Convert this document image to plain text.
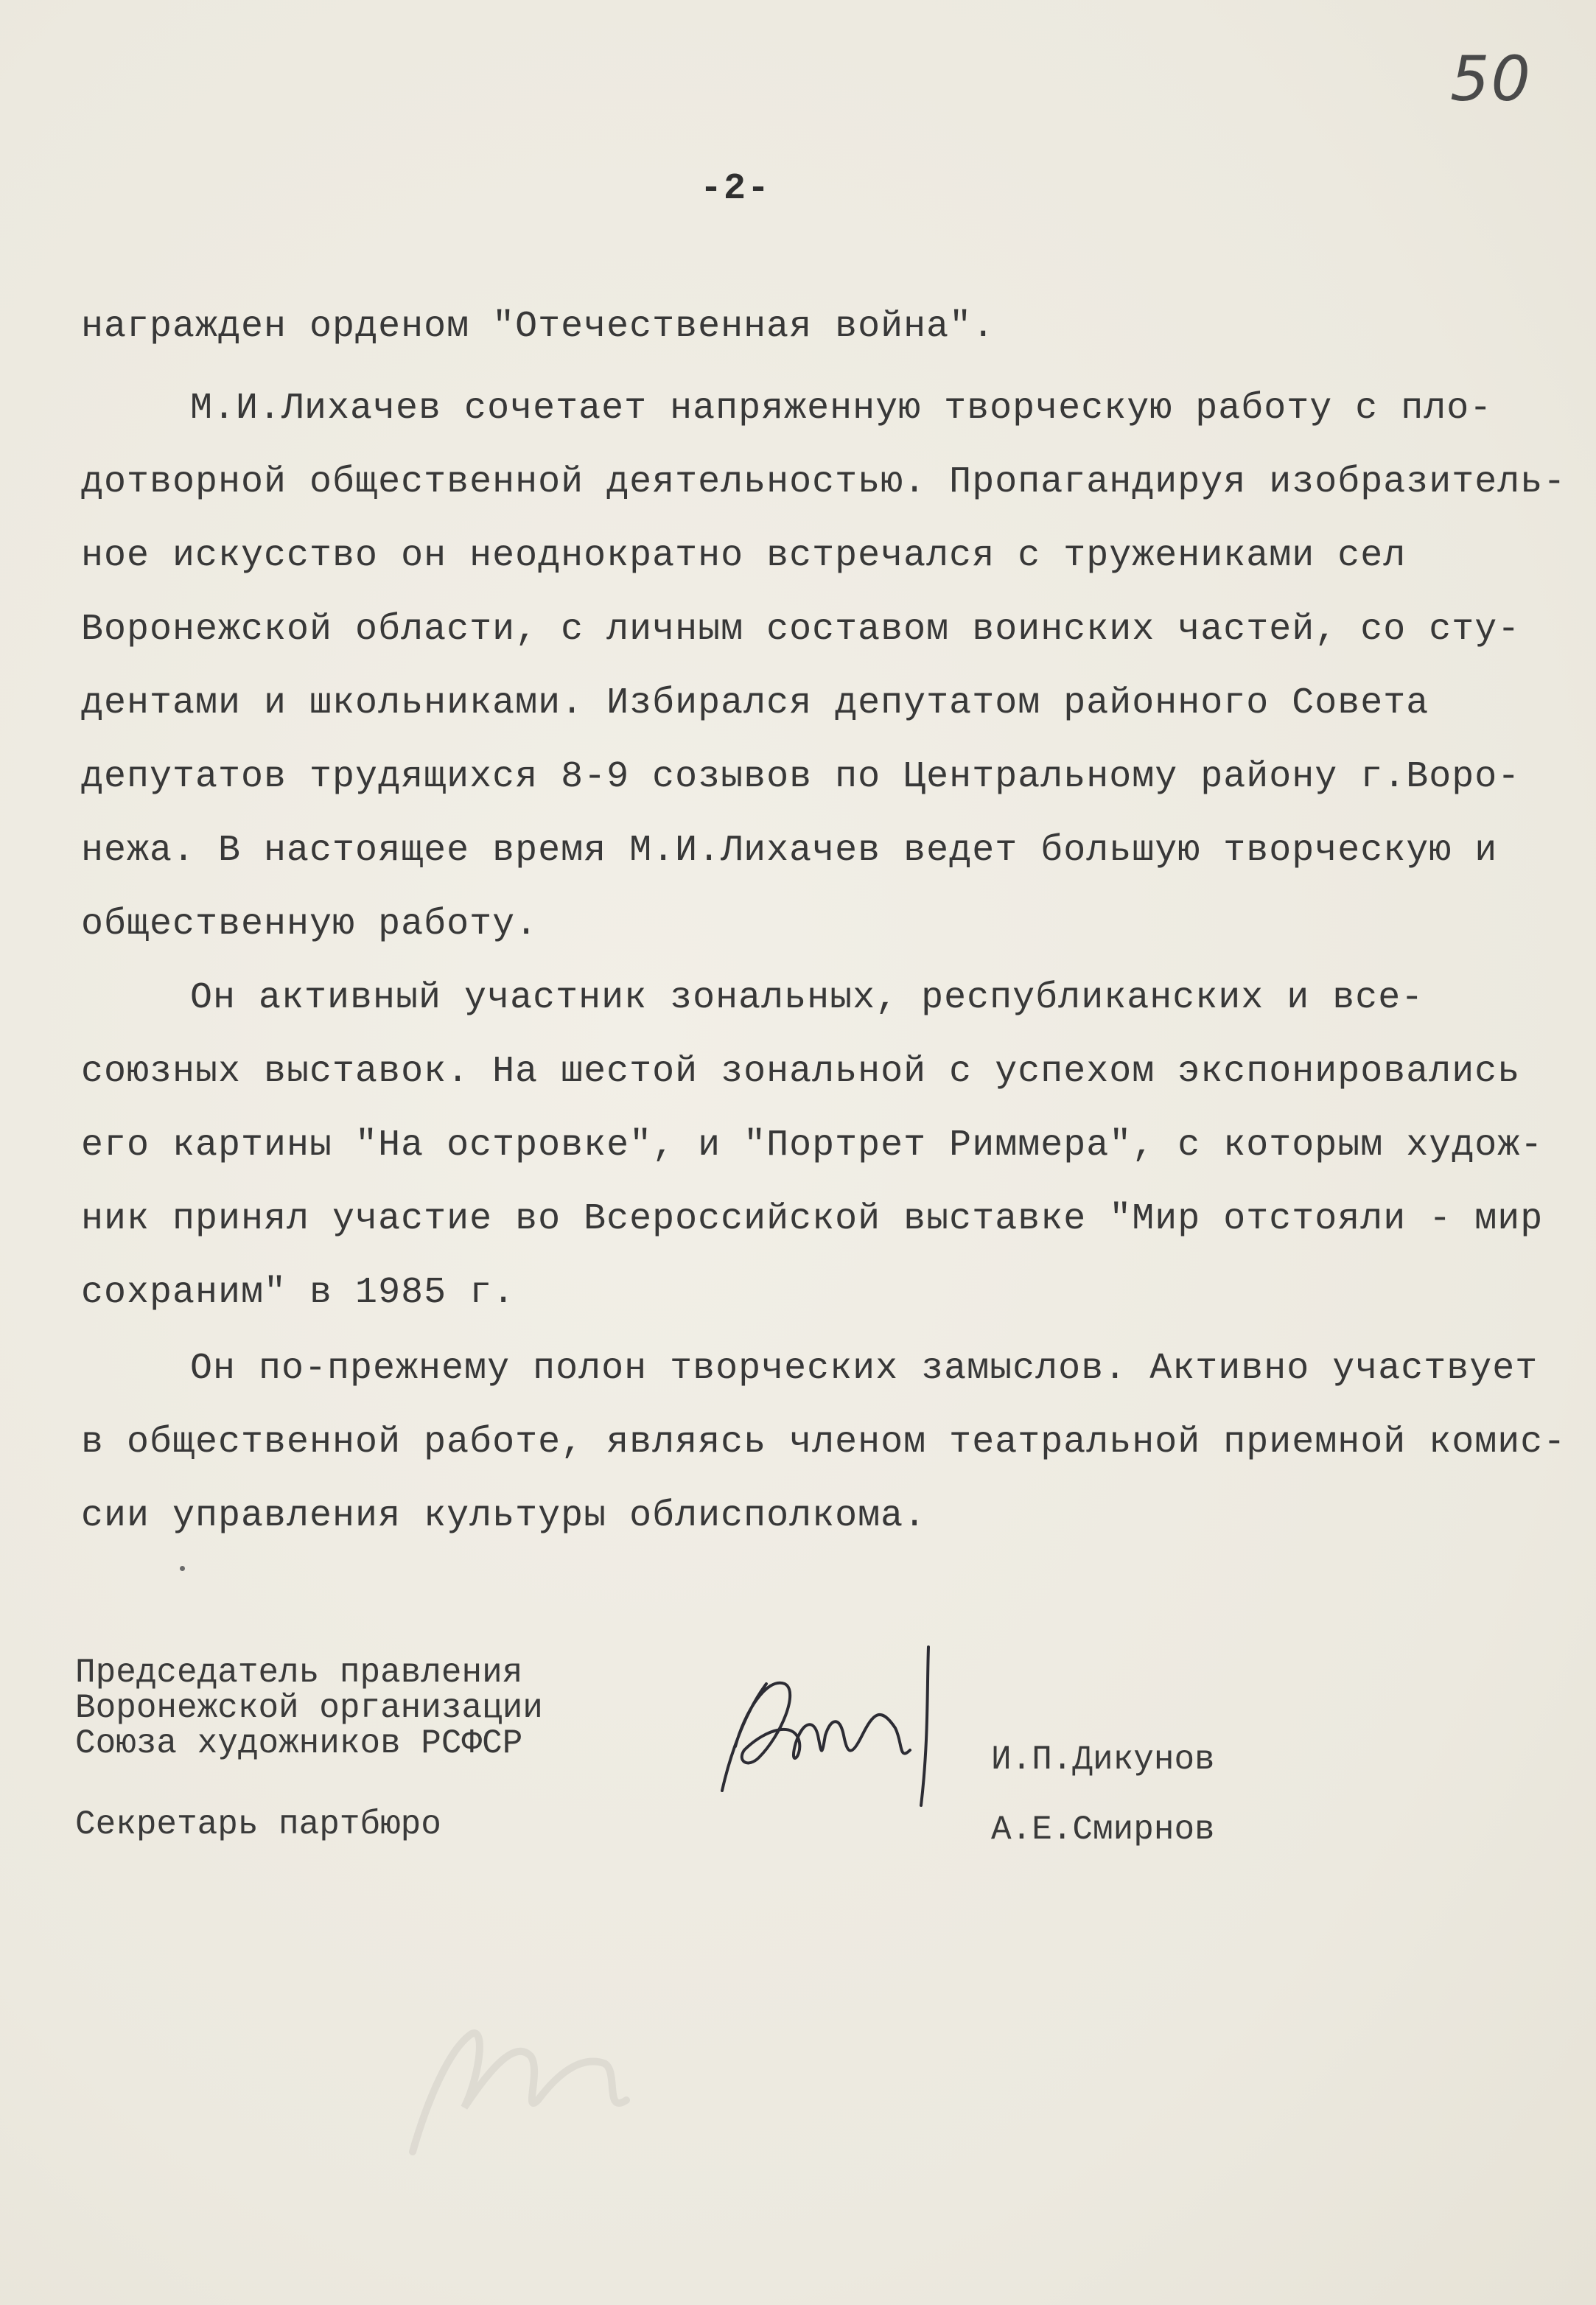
50
-2-
награжден орденом "Отечественная война".
М.И.Лихачев сочетает напряженную творческую работу с пло-
дотворной общественной деятельностью. Пропагандируя изобразитель-
ное искусство он неоднократно встречался с тружениками сел
Воронежской области, с личным составом воинских частей, со сту-
дентами и школьниками. Избирался депутатом районного Совета
депутатов трудящихся 8-9 созывов по Центральному району г.Воро-
нежа. В настоящее время М.И.Лихачев ведет большую творческую и
общественную работу.
Он активный участник зональных, республиканских и все-
союзных выставок. На шестой зональной с успехом экспонировались
его картины "На островке", и "Портрет Риммера", с которым худож-
ник принял участие во Всероссийской выставке "Мир отстояли - мир
сохраним" в 1985 г.
Он по-прежнему полон творческих замыслов. Активно участвует
в общественной работе, являясь членом театральной приемной комис-
сии управления культуры облисполкома.
Председатель правления
Воронежской организации
Союза художников РСФСР
Секретарь партбюро
И.П.Дикунов
А.Е.Смирнов
